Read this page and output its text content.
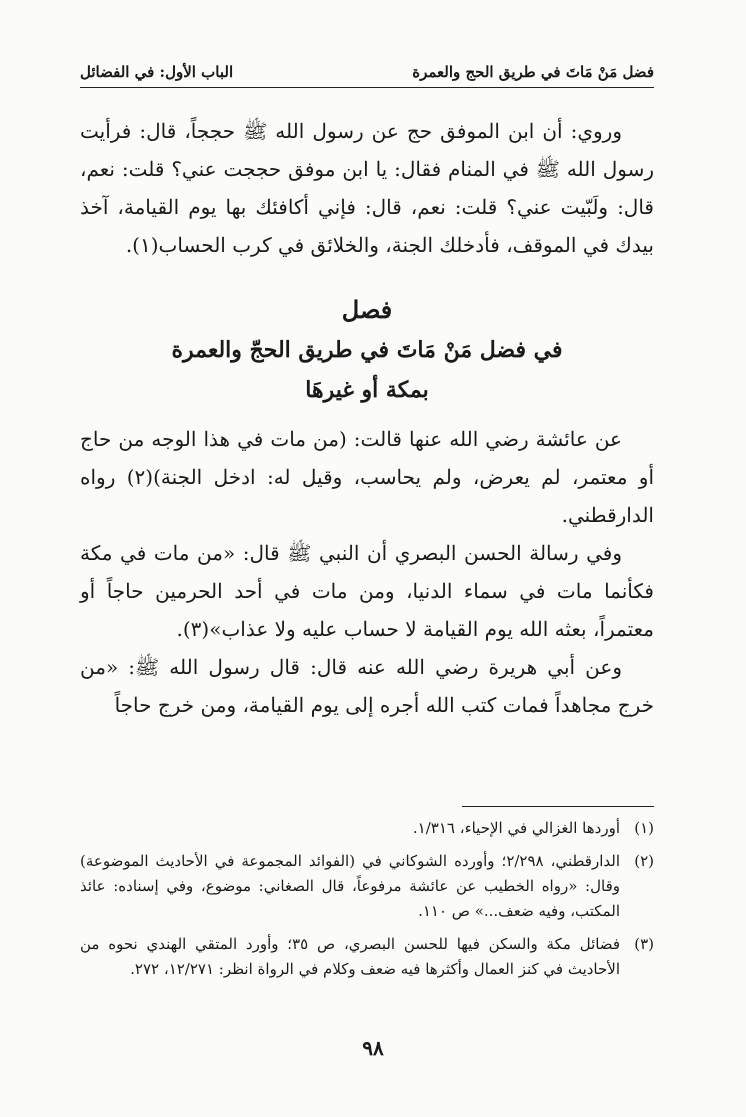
فضل مَنْ مَاتَ في طريق الحج والعمرة
الباب الأول: في الفضائل

وروي: أن ابن الموفق حج عن رسول الله ﷺ حججاً، قال: فرأيت رسول الله ﷺ في المنام فقال: يا ابن موفق حججت عني؟ قلت: نعم، قال: ولَبّيت عني؟ قلت: نعم، قال: فإني أكافئك بها يوم القيامة، آخذ بيدك في الموقف، فأدخلك الجنة، والخلائق في كرب الحساب(١).

فصل
في فضل مَنْ مَاتَ في طريق الحجّ والعمرة
بمكة أو غيرهَا

عن عائشة رضي الله عنها قالت: (من مات في هذا الوجه من حاج أو معتمر، لم يعرض، ولم يحاسب، وقيل له: ادخل الجنة)(٢) رواه الدارقطني.

وفي رسالة الحسن البصري أن النبي ﷺ قال: «من مات في مكة فكأنما مات في سماء الدنيا، ومن مات في أحد الحرمين حاجاً أو معتمراً، بعثه الله يوم القيامة لا حساب عليه ولا عذاب»(٣).

وعن أبي هريرة رضي الله عنه قال: قال رسول الله ﷺ: «من خرج مجاهداً فمات كتب الله أجره إلى يوم القيامة، ومن خرج حاجاً

(١)
أوردها الغزالي في الإحياء، ١/٣١٦.
(٢)
الدارقطني، ٢/٢٩٨؛ وأورده الشوكاني في (الفوائد المجموعة في الأحاديث الموضوعة) وقال: «رواه الخطيب عن عائشة مرفوعاً، قال الصغاني: موضوع، وفي إسناده: عائذ المكتب، وفيه ضعف...» ص ١١٠.
(٣)
فضائل مكة والسكن فيها للحسن البصري، ص ٣٥؛ وأورد المتقي الهندي نحوه من الأحاديث في كنز العمال وأكثرها فيه ضعف وكلام في الرواة انظر: ١٢/٢٧١، ٢٧٢.
٩٨
